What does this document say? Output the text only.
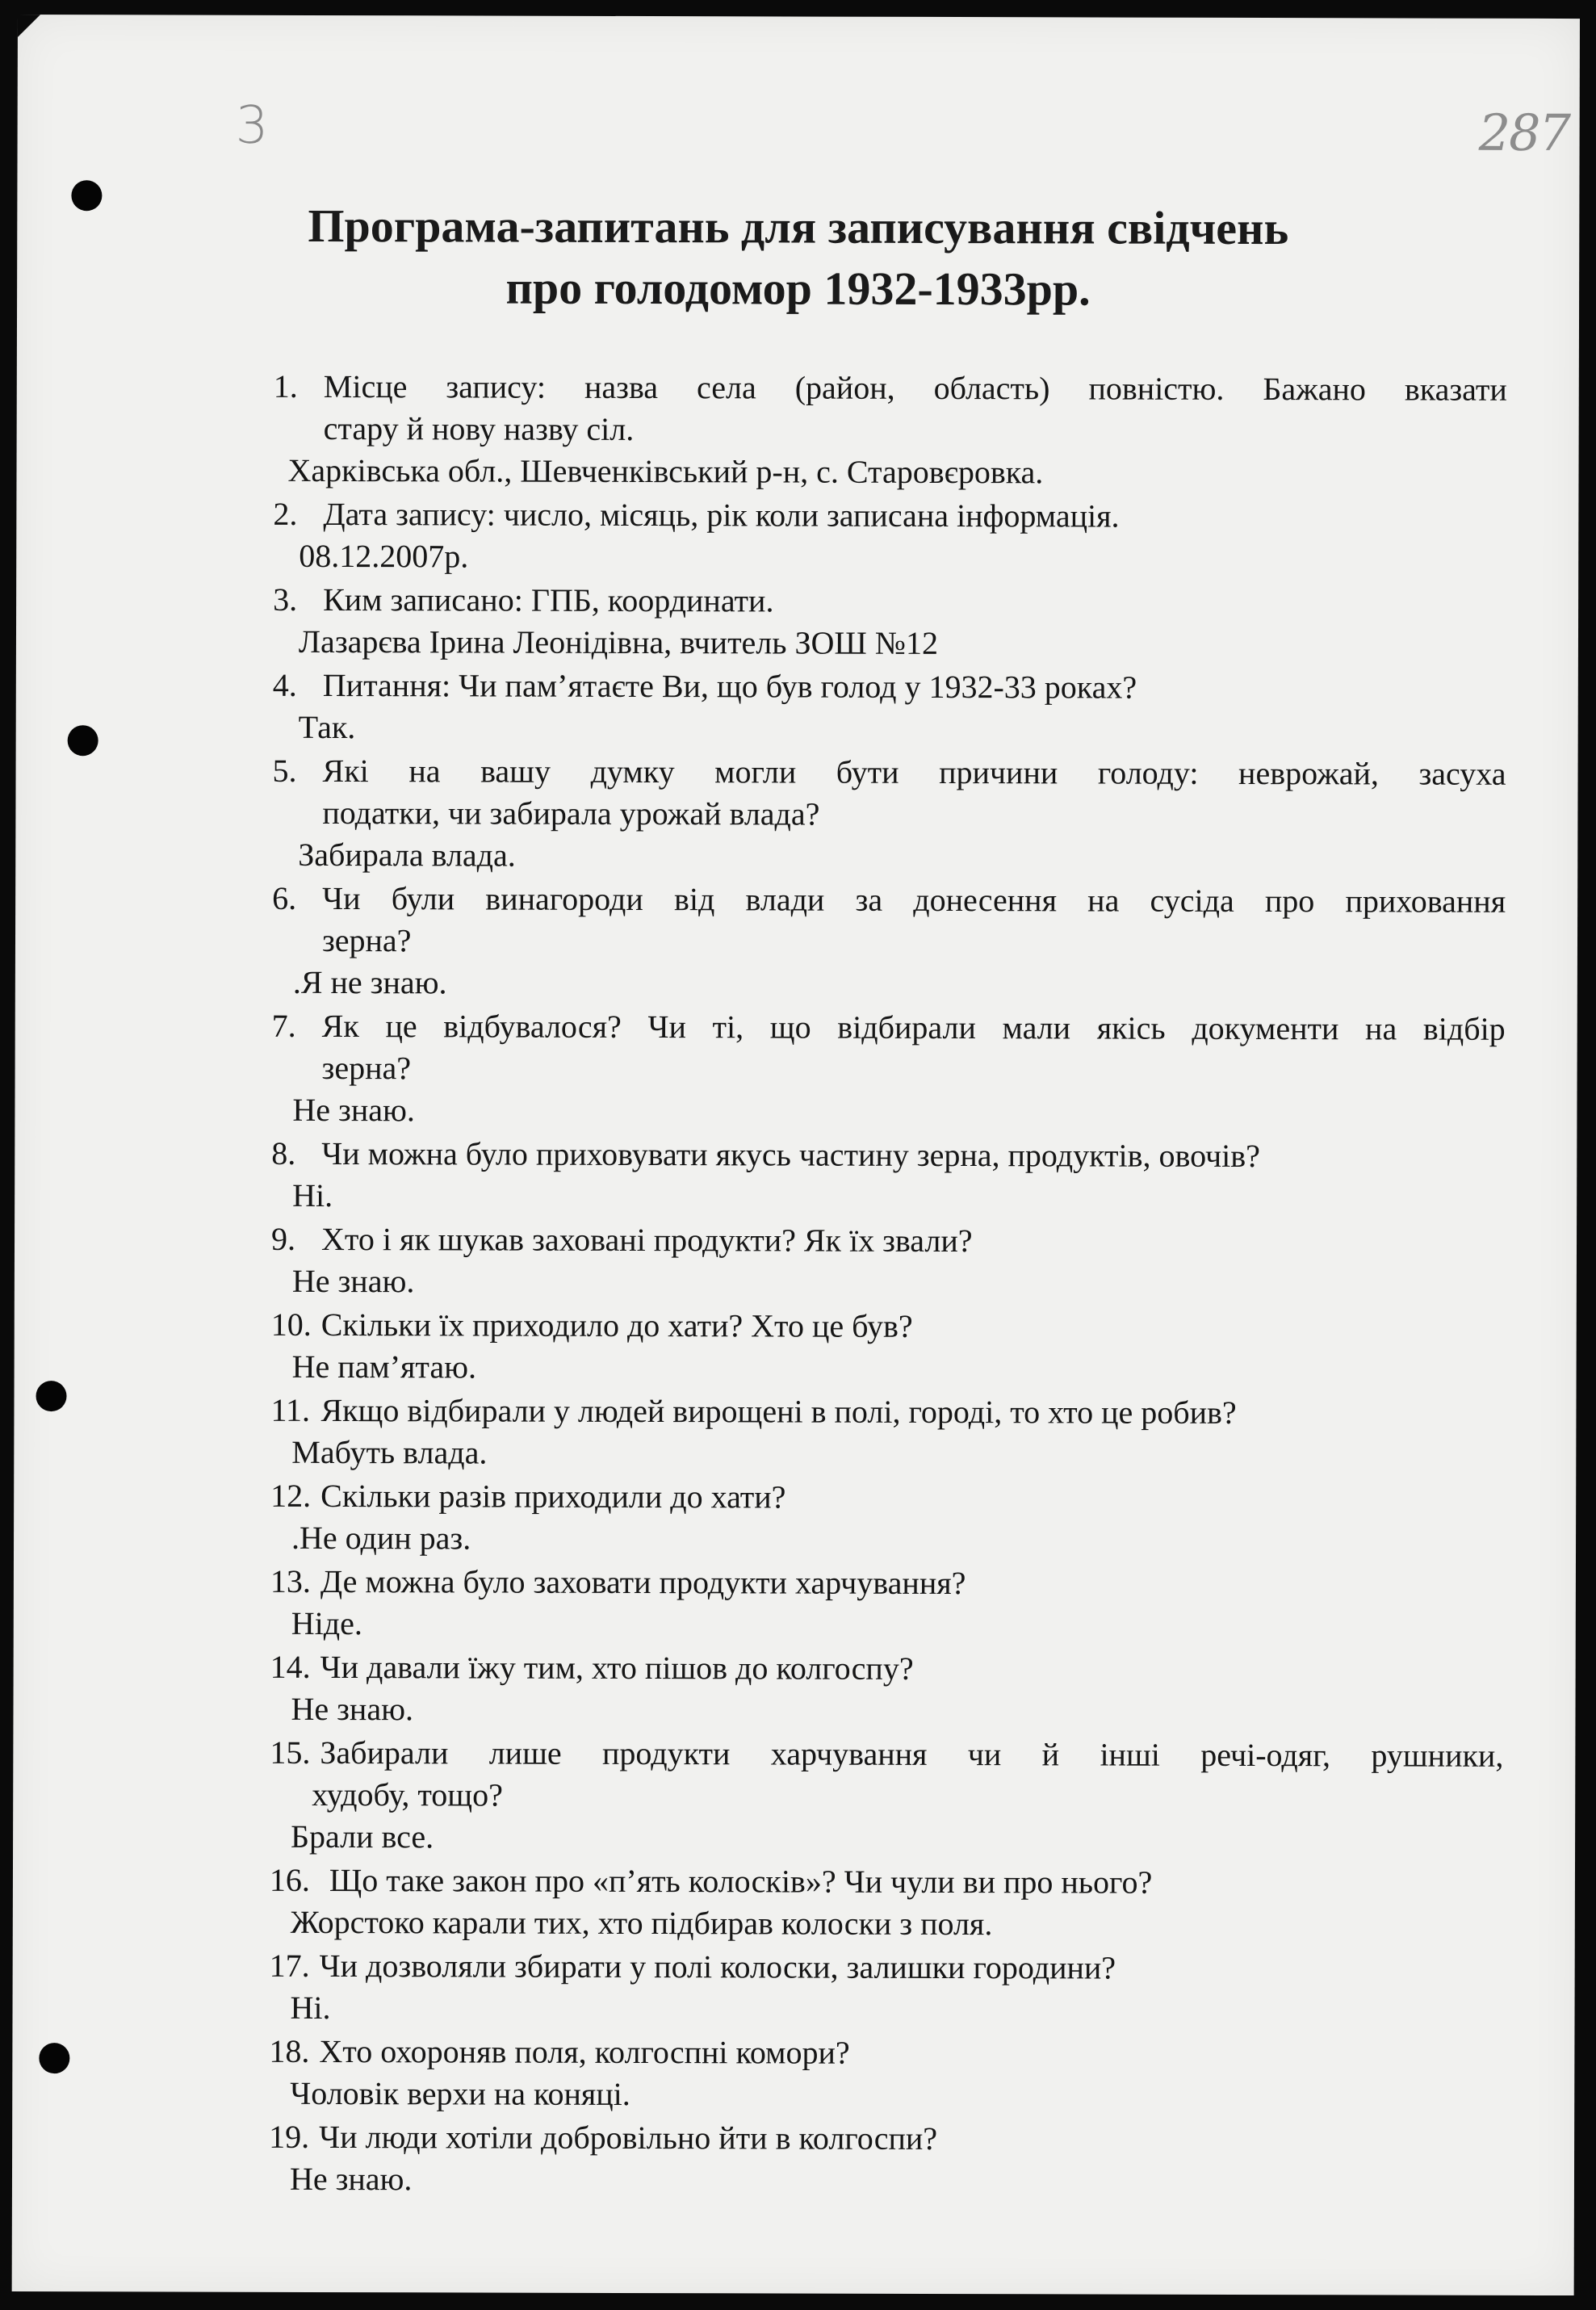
3	287
Програма-запитань для записування свідчень
про голодомор 1932-1933рр.
1. Місце запису: назва села (район, область) повністю. Бажано вказати
стару й нову назву сіл.
Харківська обл., Шевченківський р-н, с. Старовєровка.
2. Дата запису: число, місяць, рік коли записана інформація.
08.12.2007р.
3. Ким записано: ГПБ, координати.
Лазарєва Ірина Леонідівна, вчитель ЗОШ №12
4. Питання: Чи пам’ятаєте Ви, що був голод у 1932-33 роках?
Так.
5. Які на вашу думку могли бути причини голоду: неврожай, засуха
податки, чи забирала урожай влада?
Забирала влада.
6. Чи були винагороди від влади за донесення на сусіда про приховання
зерна?
.Я не знаю.
7. Як це відбувалося? Чи ті, що відбирали мали якісь документи на відбір
зерна?
Не знаю.
8. Чи можна було приховувати якусь частину зерна, продуктів, овочів?
Ні.
9. Хто і як шукав заховані продукти? Як їх звали?
Не знаю.
10. Скільки їх приходило до хати? Хто це був?
Не пам’ятаю.
11. Якщо відбирали у людей вирощені в полі, городі, то хто це робив?
Мабуть влада.
12. Скільки разів приходили до хати?
.Не один раз.
13. Де можна було заховати продукти харчування?
Ніде.
14. Чи давали їжу тим, хто пішов до колгоспу?
Не знаю.
15. Забирали лише продукти харчування чи й інші речі-одяг, рушники,
худобу, тощо?
Брали все.
16. Що таке закон про «п’ять колосків»? Чи чули ви про нього?
Жорстоко карали тих, хто підбирав колоски з поля.
17. Чи дозволяли збирати у полі колоски, залишки городини?
Ні.
18. Хто охороняв поля, колгоспні комори?
Чоловік верхи на коняці.
19. Чи люди хотіли добровільно йти в колгоспи?
Не знаю.
